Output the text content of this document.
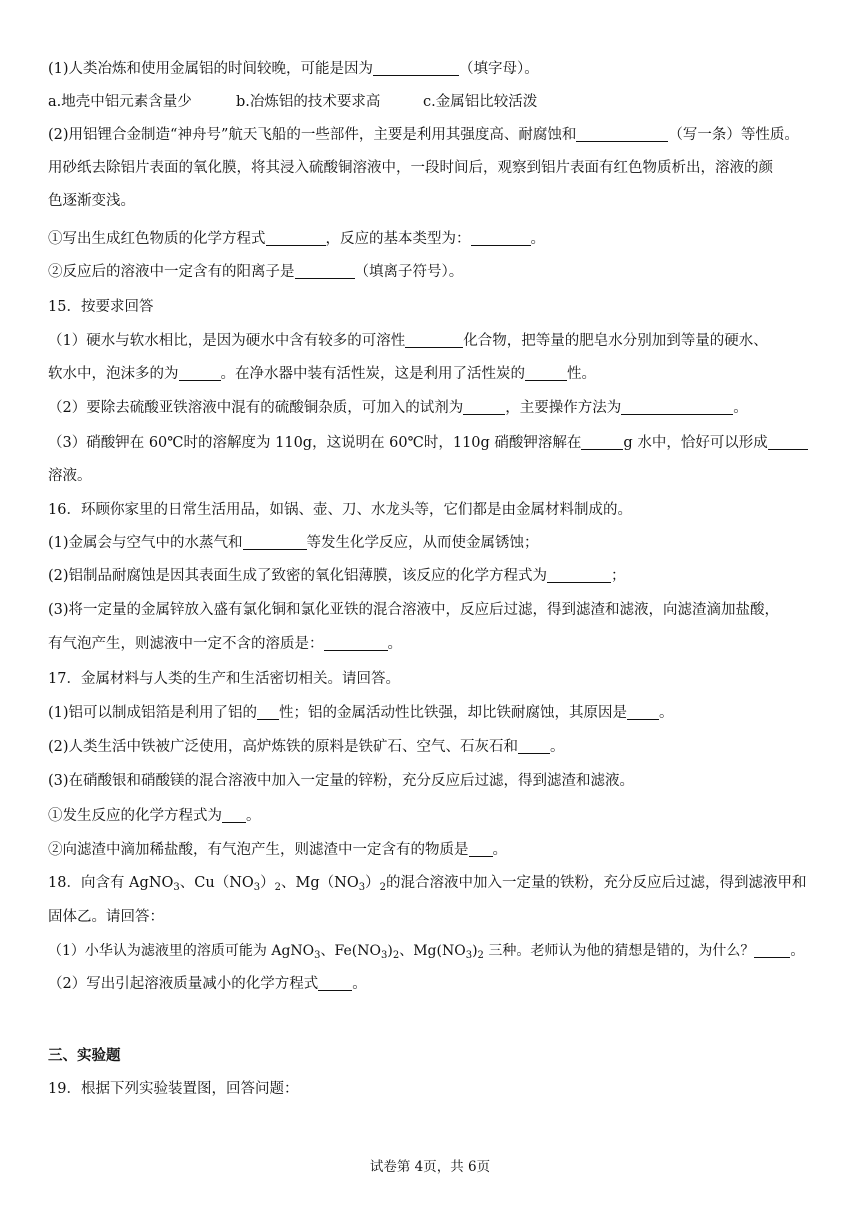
(1)人类冶炼和使用金属铝的时间较晚，可能是因为	（填字母）。
a.地壳中铝元素含量少	b.冶炼铝的技术要求高	c.金属铝比较活泼
(2)用铝锂合金制造“神舟号”航天飞船的一些部件，主要是利用其强度高、耐腐蚀和	（写一条）等性质。
用砂纸去除铝片表面的氧化膜，将其浸入硫酸铜溶液中，一段时间后，观察到铝片表面有红色物质析出，溶液的颜
色逐渐变浅。
①写出生成红色物质的化学方程式	，反应的基本类型为：	。
②反应后的溶液中一定含有的阳离子是	（填离子符号）。
15．按要求回答
（1）硬水与软水相比，是因为硬水中含有较多的可溶性	化合物，把等量的肥皂水分别加到等量的硬水、
软水中，泡沫多的为	。在净水器中装有活性炭，这是利用了活性炭的	性。
（2）要除去硫酸亚铁溶液中混有的硫酸铜杂质，可加入的试剂为	，主要操作方法为	。
（3）硝酸钾在 60℃时的溶解度为 110g，这说明在 60℃时，110g 硝酸钾溶解在	g 水中，恰好可以形成
溶液。
16．环顾你家里的日常生活用品，如锅、壶、刀、水龙头等，它们都是由金属材料制成的。
(1)金属会与空气中的水蒸气和	等发生化学反应，从而使金属锈蚀；
(2)铝制品耐腐蚀是因其表面生成了致密的氧化铝薄膜，该反应的化学方程式为	；
(3)将一定量的金属锌放入盛有氯化铜和氯化亚铁的混合溶液中，反应后过滤，得到滤渣和滤液，向滤渣滴加盐酸，
有气泡产生，则滤液中一定不含的溶质是：	。
17．金属材料与人类的生产和生活密切相关。请回答。
(1)铝可以制成铝箔是利用了铝的 性；铝的金属活动性比铁强，却比铁耐腐蚀，其原因是 。
(2)人类生活中铁被广泛使用，高炉炼铁的原料是铁矿石、空气、石灰石和 。
(3)在硝酸银和硝酸镁的混合溶液中加入一定量的锌粉，充分反应后过滤，得到滤渣和滤液。
①发生反应的化学方程式为 。
②向滤渣中滴加稀盐酸，有气泡产生，则滤渣中一定含有的物质是 。
18．向含有 AgNO$_3$、$Cu(NO_3)_2$、$Mg(NO_3)_2$的混合溶液中加入一定量的铁粉，充分反应后过滤，得到滤液甲和
固体乙。请回答：
（1）小华认为滤液里的溶质可能为 AgNO$_3$、$Fe(NO_3)_2$、$Mg(NO_3)_2$ 三种。老师认为他的猜想是错的，为什么？	。
（2）写出引起溶液质量减小的化学方程式 。
三、实验题
19．根据下列实验装置图，回答问题：
试卷第 4页，共 6页
